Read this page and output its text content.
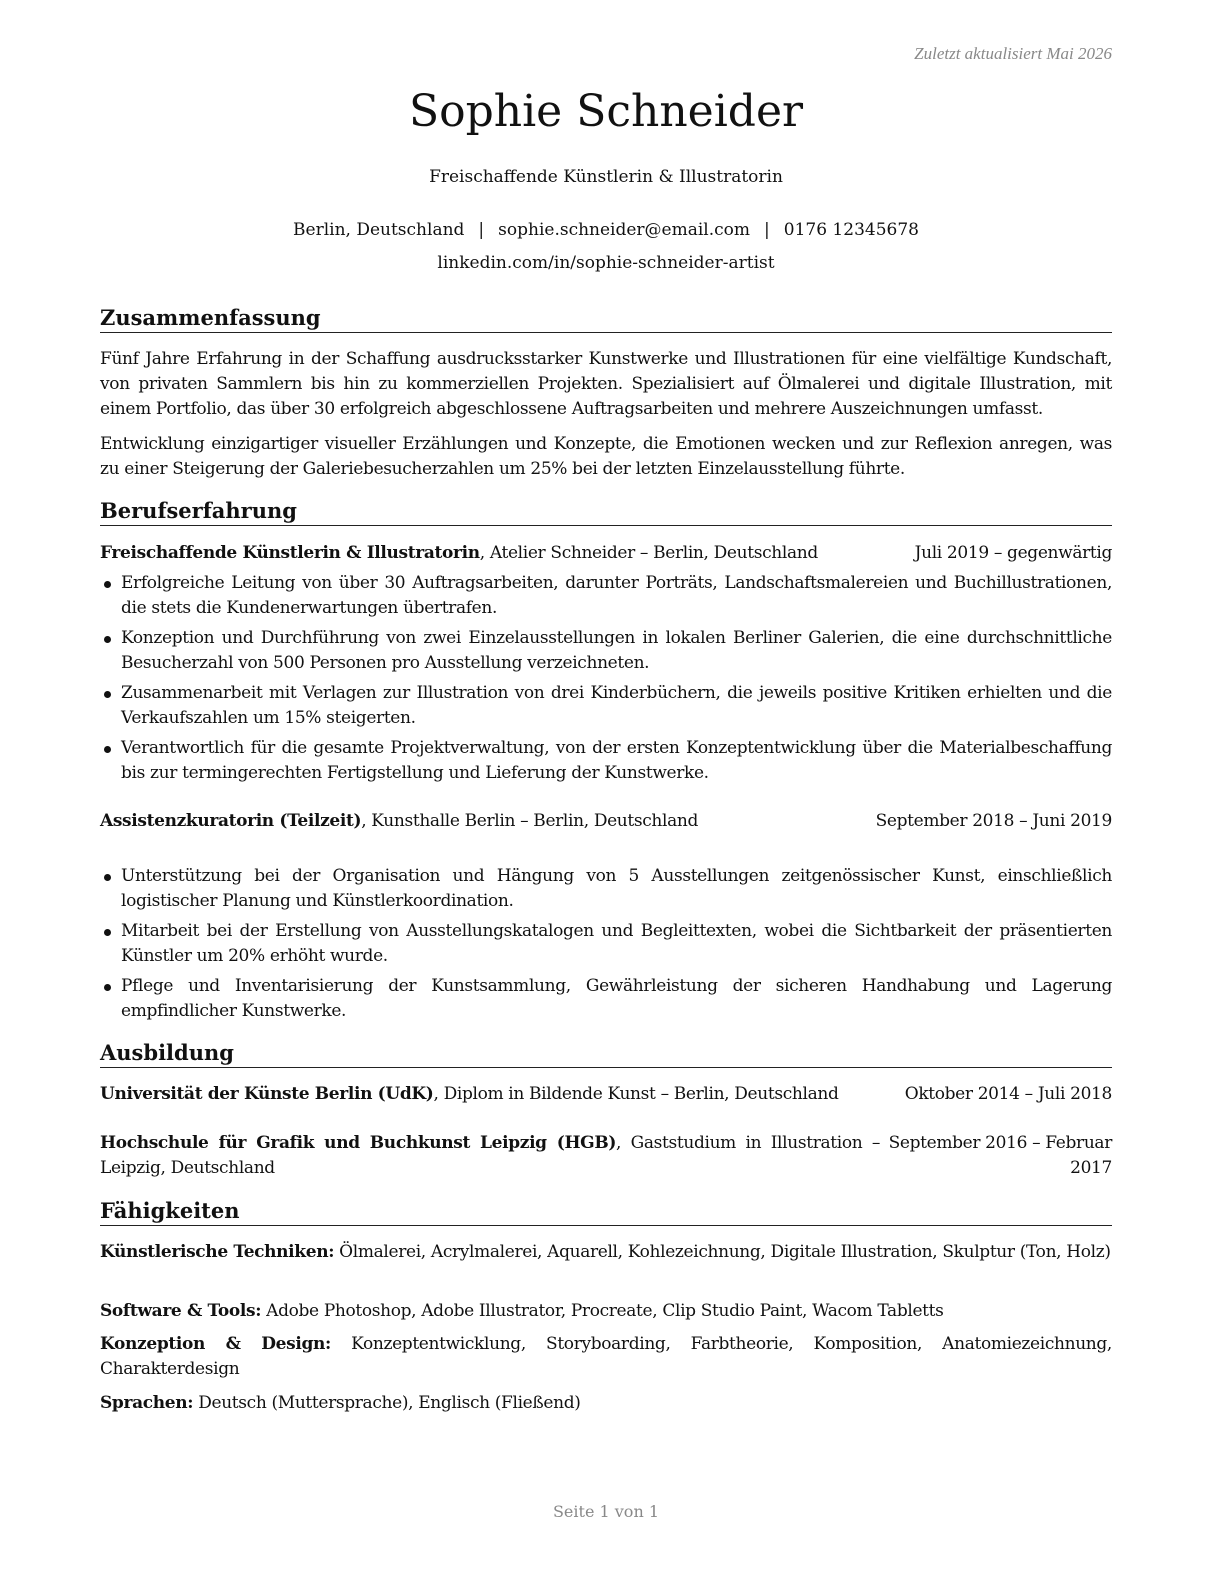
Zuletzt aktualisiert Mai 2026
Sophie Schneider
Freischaffende Künstlerin & Illustratorin
Berlin, Deutschland | sophie.schneider@email.com | 0176 12345678
linkedin.com/in/sophie-schneider-artist
Zusammenfassung
Fünf Jahre Erfahrung in der Schaffung ausdrucksstarker Kunstwerke und Illustrationen für eine vielfältige Kundschaft, von privaten Sammlern bis hin zu kommerziellen Projekten. Spezialisiert auf Ölmalerei und digitale Illustration, mit einem Portfolio, das über 30 erfolgreich abgeschlossene Auftragsarbeiten und mehrere Auszeichnungen umfasst.
Entwicklung einzigartiger visueller Erzählungen und Konzepte, die Emotionen wecken und zur Reflexion anregen, was zu einer Steigerung der Galeriebesucherzahlen um 25% bei der letzten Einzelausstellung führte.
Berufserfahrung
Freischaffende Künstlerin & Illustratorin, Atelier Schneider – Berlin, Deutschland	Juli 2019 – gegenwärtig
Erfolgreiche Leitung von über 30 Auftragsarbeiten, darunter Porträts, Landschaftsmalereien und Buchillustrationen, die stets die Kundenerwartungen übertrafen.
Konzeption und Durchführung von zwei Einzelausstellungen in lokalen Berliner Galerien, die eine durchschnittliche Besucherzahl von 500 Personen pro Ausstellung verzeichneten.
Zusammenarbeit mit Verlagen zur Illustration von drei Kinderbüchern, die jeweils positive Kritiken erhielten und die Verkaufszahlen um 15% steigerten.
Verantwortlich für die gesamte Projektverwaltung, von der ersten Konzeptentwicklung über die Materialbeschaffung bis zur termingerechten Fertigstellung und Lieferung der Kunstwerke.
Assistenzkuratorin (Teilzeit), Kunsthalle Berlin – Berlin, Deutschland	September 2018 – Juni 2019
Unterstützung bei der Organisation und Hängung von 5 Ausstellungen zeitgenössischer Kunst, einschließlich logistischer Planung und Künstlerkoordination.
Mitarbeit bei der Erstellung von Ausstellungskatalogen und Begleittexten, wobei die Sichtbarkeit der präsentierten Künstler um 20% erhöht wurde.
Pflege und Inventarisierung der Kunstsammlung, Gewährleistung der sicheren Handhabung und Lagerung empfindlicher Kunstwerke.
Ausbildung
Universität der Künste Berlin (UdK), Diplom in Bildende Kunst – Berlin, Deutschland	Oktober 2014 – Juli 2018
Hochschule für Grafik und Buchkunst Leipzig (HGB), Gaststudium in Illustration – Leipzig, Deutschland
September 2016 – Februar 2017
Fähigkeiten
Künstlerische Techniken: Ölmalerei, Acrylmalerei, Aquarell, Kohlezeichnung, Digitale Illustration, Skulptur (Ton, Holz)
Software & Tools: Adobe Photoshop, Adobe Illustrator, Procreate, Clip Studio Paint, Wacom Tabletts
Konzeption & Design: Konzeptentwicklung, Storyboarding, Farbtheorie, Komposition, Anatomiezeichnung, Charakterdesign
Sprachen: Deutsch (Muttersprache), Englisch (Fließend)
Seite 1 von 1
